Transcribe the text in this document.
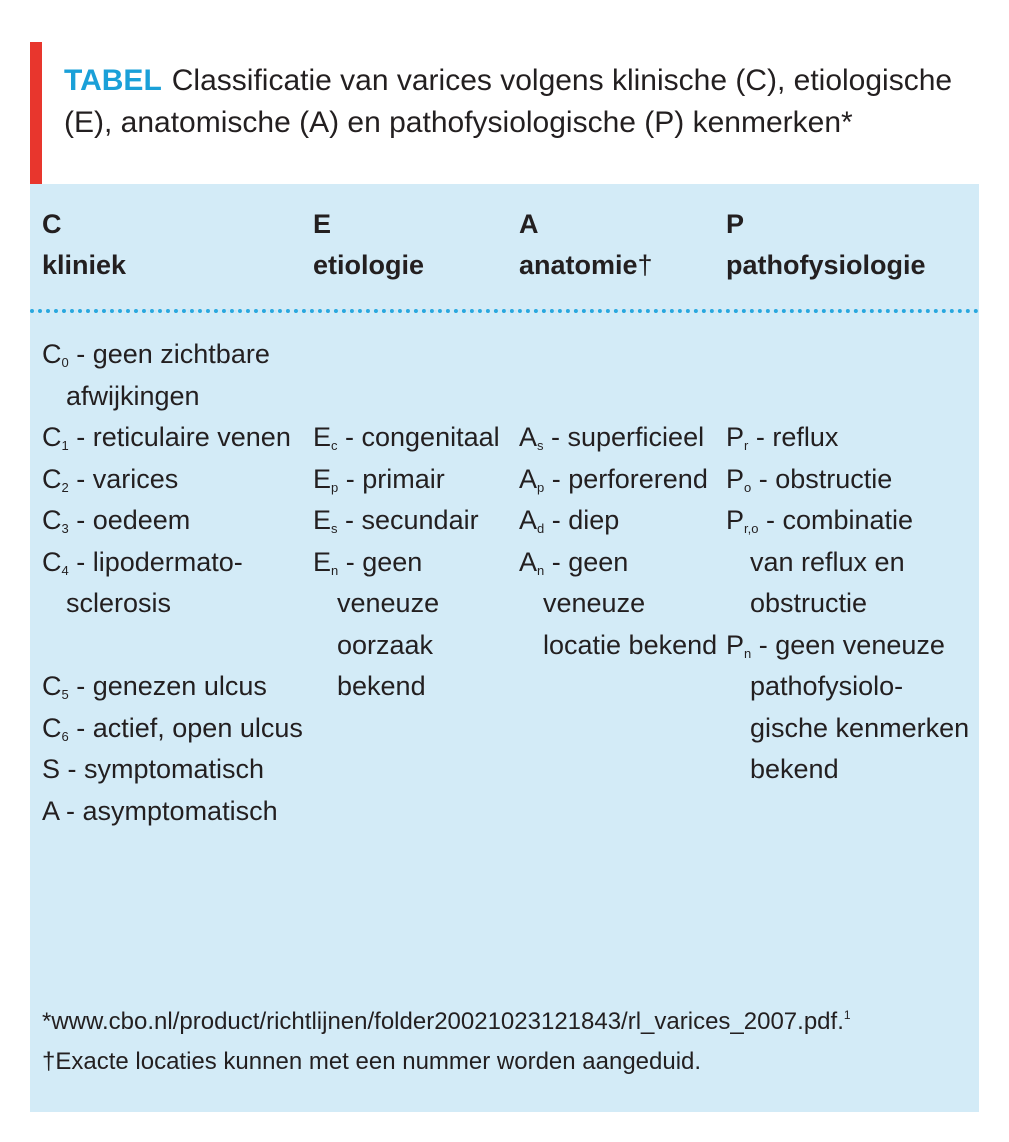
TABEL Classificatie van varices volgens klinische (C), etiologische (E), anatomische (A) en pathofysiologische (P) kenmerken*
C
kliniek
E
etiologie
A
anatomie†
P
pathofysiologie
$C_0$ - geen zichtbare
afwijkingen
$C_1$ - reticulaire venen
$C_2$ - varices
$C_3$ - oedeem
$C_4$ - lipodermato-
sclerosis
$C_5$ - genezen ulcus
$C_6$ - actief, open ulcus
S - symptomatisch
A - asymptomatisch
$E_c$ - congenitaal
$E_p$ - primair
$E_s$ - secundair
$E_n$ - geen
veneuze
oorzaak
bekend
$A_s$ - superficieel
$A_p$ - perforerend
$A_d$ - diep
$A_n$ - geen
veneuze
locatie bekend
$P_r$ - reflux
$P_o$ - obstructie
$P_{r,o}$ - combinatie
van reflux en
obstructie
$P_n$ - geen veneuze
pathofysiolo-
gische kenmerken
bekend
*www.cbo.nl/product/richtlijnen/folder20021023121843/rl_varices_2007.pdf.$^1$
†Exacte locaties kunnen met een nummer worden aangeduid.
